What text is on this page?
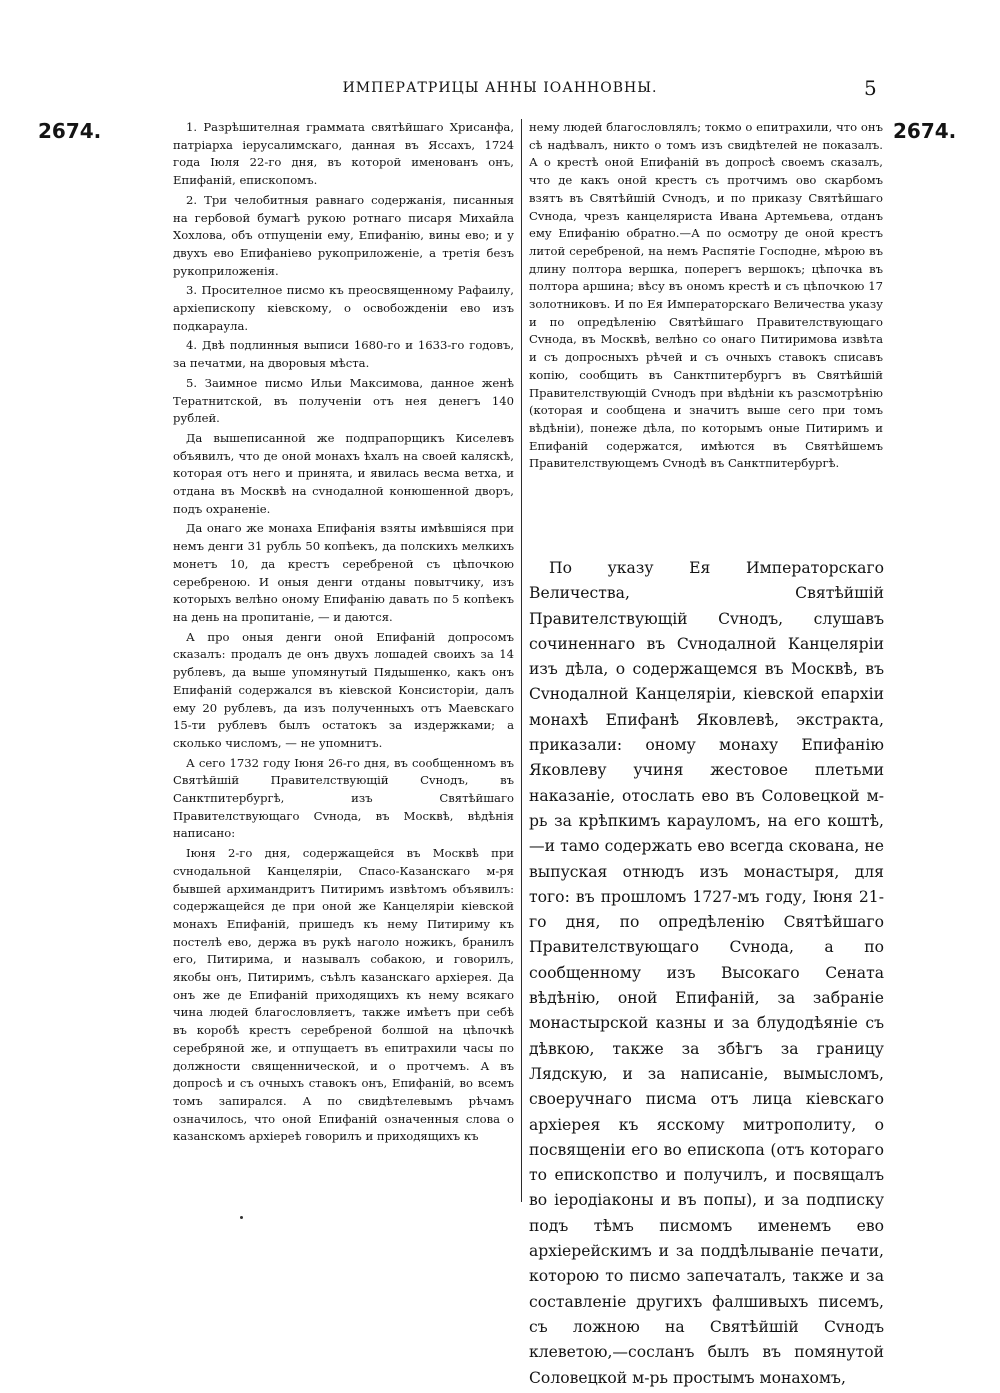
ИМПЕРАТРИЦЫ АННЫ IОАННОВНЫ.	5
2674.	2674.

1. Разрѣшителная граммата святѣйшаго Хрисанфа, патрiарха iерусалимскаго, данная въ Яссахъ, 1724 года Iюля 22-го дня, въ которой именованъ онъ, Епифанiй, епископомъ.

2. Три челобитныя равнаго содержанiя, писанныя на гербовой бумагѣ рукою ротнаго писаря Михайла Хохлова, объ отпущенiи ему, Епифанiю, вины ево; и у двухъ ево Епифанiево рукоприложенiе, а третiя безъ рукоприложенiя.

3. Просителное писмо къ преосвященному Рафаилу, архiепископу кiевскому, о освобожденiи ево изъ подкараула.

4. Двѣ подлинныя выписи 1680-го и 1633-го годовъ, за печатми, на дворовыя мѣста.

5. Заимное писмо Ильи Максимова, данное женѣ Тератнитской, въ полученiи отъ нея денегъ 140 рублей.

Да вышеписанной же подпрапорщикъ Киселевъ объявилъ, что де оной монахъ ѣхалъ на своей каляскѣ, которая отъ него и принята, и явилась весма ветха, и отдана въ Москвѣ на сvнодалной конюшенной дворъ, подъ охраненiе.

Да онаго же монаха Епифанiя взяты имѣвшiяся при немъ денги 31 рубль 50 копѣекъ, да полскихъ мелкихъ монетъ 10, да крестъ серебреной съ цѣпочкою серебреною. И оныя денги отданы повытчику, изъ которыхъ велѣно оному Епифанiю давать по 5 копѣекъ на день на пропитанiе, — и даются.

А про оныя денги оной Епифанiй допросомъ сказалъ: продалъ де онъ двухъ лошадей своихъ за 14 рублевъ, да выше упомянутый Пядышенко, какъ онъ Епифанiй содержался въ кiевской Консисторiи, далъ ему 20 рублевъ, да изъ полученныхъ отъ Маевскаго 15-ти рублевъ былъ остатокъ за издержками; а сколько числомъ, — не упомнитъ.

А сего 1732 году Iюня 26-го дня, въ сообщенномъ въ Святѣйшiй Правителствующiй Сvнодъ, въ Санктпитербургѣ, изъ Святѣйшаго Правителствующаго Сvнода, въ Москвѣ, вѣдѣнiя написано:

Iюня 2-го дня, содержащейся въ Москвѣ при сvнодальной Канцелярiи, Спасо-Казанскаго м-ря бывшей архимандритъ Питиримъ извѣтомъ объявилъ: содержащейся де при оной же Канцелярiи кiевской монахъ Епифанiй, пришедъ къ нему Питириму къ постелѣ ево, держа въ рукѣ наголо ножикъ, бранилъ его, Питирима, и называлъ собакою, и говорилъ, якобы онъ, Питиримъ, съѣлъ казанскаго архiерея. Да онъ же де Епифанiй приходящихъ къ нему всякаго чина людей благословляетъ, также имѣетъ при себѣ въ коробѣ крестъ серебреной болшой на цѣпочкѣ серебряной же, и отпущаетъ въ епитрахили часы по должности священнической, и о протчемъ. А въ допросѣ и съ очныхъ ставокъ онъ, Епифанiй, во всемъ томъ запирался. А по свидѣтелевымъ рѣчамъ означилось, что оной Епифанiй означенныя слова о казанскомъ архiереѣ говорилъ и приходящихъ къ

нему людей благословлялъ; токмо о епитрахили, что онъ сѣ надѣвалъ, никто о томъ изъ свидѣтелей не показалъ. А о крестѣ оной Епифанiй въ допросѣ своемъ сказалъ, что де какъ оной крестъ съ протчимъ ово скарбомъ взятъ въ Святѣйшiй Сvнодъ, и по приказу Святѣйшаго Сvнода, чрезъ канцеляриста Ивана Артемьева, отданъ ему Епифанiю обратно.—А по осмотру де оной крестъ литой серебреной, на немъ Распятiе Господне, мѣрою въ длину полтора вершка, поперегъ вершокъ; цѣпочка въ полтора аршина; вѣсу въ ономъ крестѣ и съ цѣпочкою 17 золотниковъ. И по Ея Императорскаго Величества указу и по опредѣленiю Святѣйшаго Правителствующаго Сvнода, въ Москвѣ, велѣно со онаго Питиримова извѣта и съ допросныхъ рѣчей и съ очныхъ ставокъ списавъ копiю, сообщить въ Санктпитербургъ въ Святѣйшiй Правителствующiй Сvнодъ при вѣдѣнiи къ разсмотрѣнiю (которая и сообщена и значитъ выше сего при томъ вѣдѣнiи), понеже дѣла, по которымъ оные Питиримъ и Епифанiй содержатся, имѣются въ Святѣйшемъ Правителствующемъ Сvнодѣ въ Санктпитербургѣ.

По указу Ея Императорскаго Величества, Святѣйшiй Правителствующiй Сvнодъ, слушавъ сочиненнаго въ Сvнодалной Канцелярiи изъ дѣла, о содержащемся въ Москвѣ, въ Сvнодалной Канцелярiи, кiевской епархiи монахѣ Епифанѣ Яковлевѣ, экстракта, приказали: оному монаху Епифанiю Яковлеву учиня жестовое плетьми наказанiе, отослать ево въ Соловецкой м-рь за крѣпкимъ карауломъ, на его коштѣ,—и тамо содержать ево всегда скована, не выпуская отнюдъ изъ монастыря, для того: въ прошломъ 1727-мъ году, Iюня 21-го дня, по опредѣленiю Святѣйшаго Правителствующаго Сvнода, а по сообщенному изъ Высокаго Сената вѣдѣнiю, оной Епифанiй, за забранiе монастырской казны и за блудодѣянiе съ дѣвкою, также за збѣгъ за границу Лядскую, и за написанiе, вымысломъ, своеручнаго писма отъ лица кiевскаго архiерея къ ясскому митрополиту, о посвященiи его во епископа (отъ котораго то епископство и получилъ, и посвящалъ во iеродiаконы и въ попы), и за подписку подъ тѣмъ писмомъ именемъ ево архiерейскимъ и за поддѣлыванiе печати, которою то писмо запечаталъ, также и за составленiе другихъ фалшивыхъ писемъ, съ ложною на Святѣйшiй Сvнодъ клеветою,—сосланъ былъ въ помянутой Соловецкой м-рь простымъ монахомъ,
